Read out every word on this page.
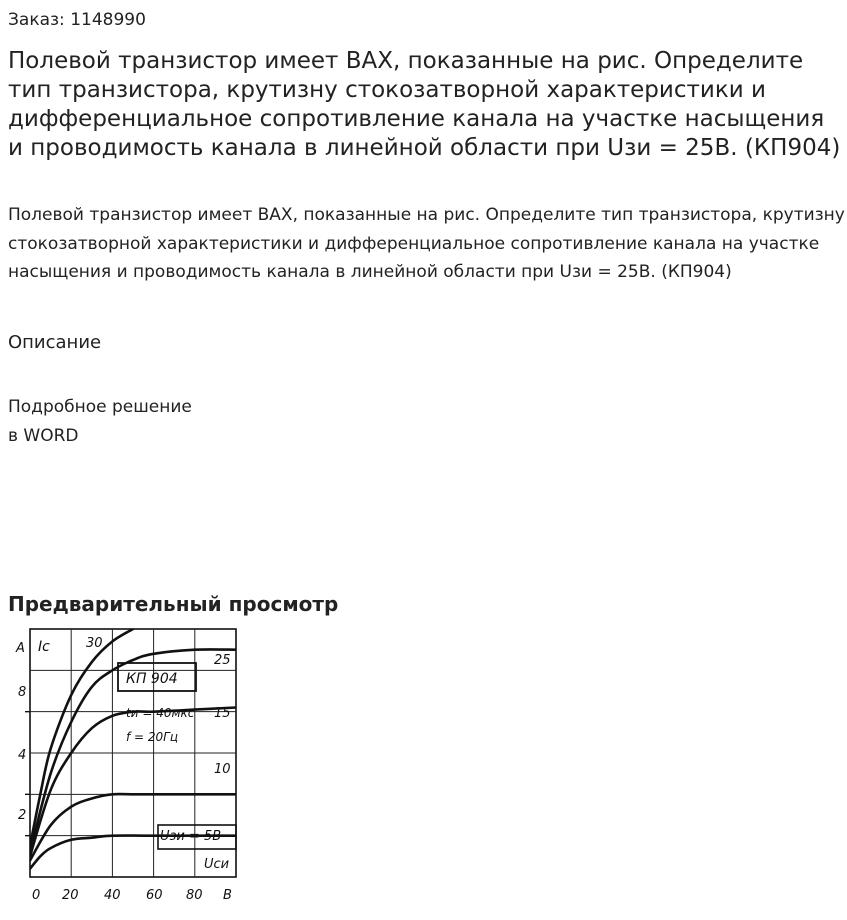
Заказ: 1148990
Полевой транзистор имеет ВАХ, показанные на рис. Определите тип транзистора, крутизну стокозатворной характеристики и дифференциальное сопротивление канала на участке насыщения и проводимость канала в линейной области при Uзи = 25В. (КП904)
Полевой транзистор имеет ВАХ, показанные на рис. Определите тип транзистора, крутизну стокозатворной характеристики и дифференциальное сопротивление канала на участке насыщения и проводимость канала в линейной области при Uзи = 25В. (КП904)
Описание
Подробное решение
в WORD
Предварительный просмотр
0 20 40 60 80 В
A
8
4
2
Ic	30
25
15
10
КП 904
tи = 40мкс
f = 20Гц
Uзи = 5В
Uси
